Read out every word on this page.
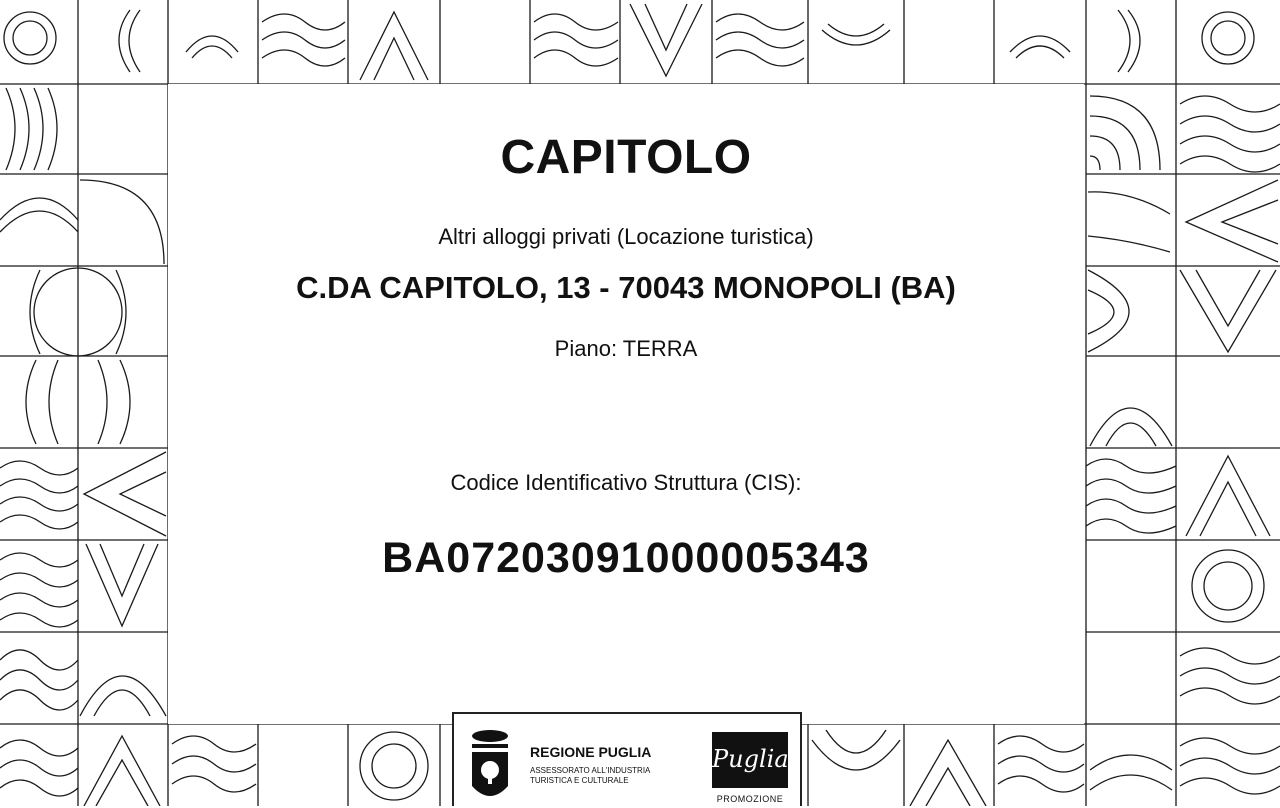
CAPITOLO

Altri alloggi privati (Locazione turistica)

C.DA CAPITOLO, 13 - 70043 MONOPOLI (BA)

Piano: TERRA

Codice Identificativo Struttura (CIS):

BA07203091000005343

REGIONE PUGLIA
ASSESSORATO ALL'INDUSTRIA
TURISTICA E CULTURALE
Puglia
PROMOZIONE
